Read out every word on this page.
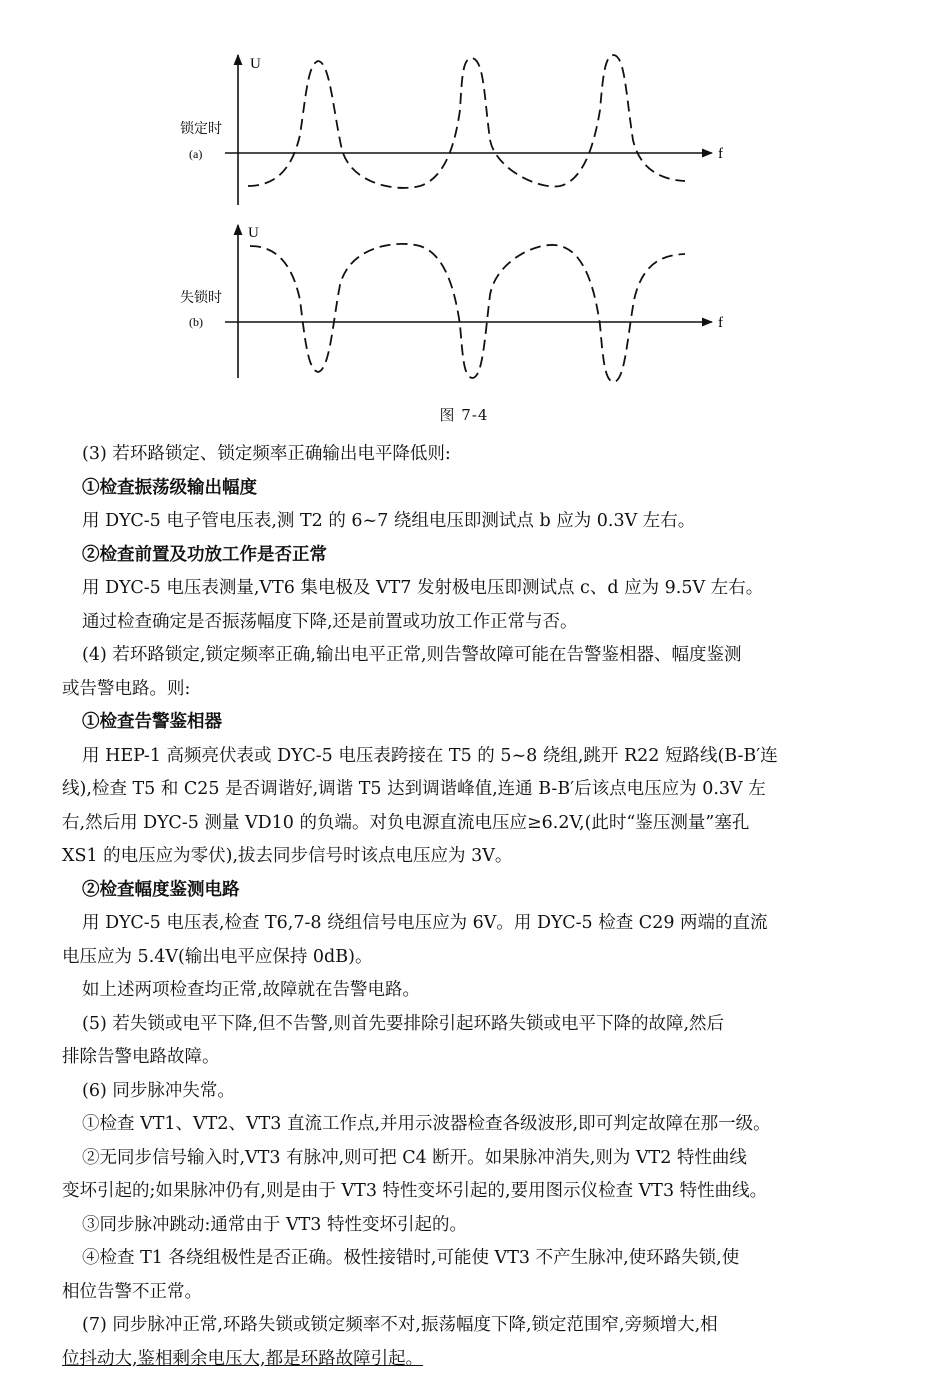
U
f
锁定时
(a)
U
f
失锁时
(b)
图 7-4

(3) 若环路锁定、锁定频率正确输出电平降低则:

①检查振荡级输出幅度

用 DYC-5 电子管电压表,测 T2 的 6~7 绕组电压即测试点 b 应为 0.3V 左右。

②检查前置及功放工作是否正常

用 DYC-5 电压表测量,VT6 集电极及 VT7 发射极电压即测试点 c、d 应为 9.5V 左右。

通过检查确定是否振荡幅度下降,还是前置或功放工作正常与否。

(4) 若环路锁定,锁定频率正确,输出电平正常,则告警故障可能在告警鉴相器、幅度鉴测

或告警电路。则:

①检查告警鉴相器

用 HEP-1 高频亮伏表或 DYC-5 电压表跨接在 T5 的 5~8 绕组,跳开 R22 短路线(B-B′连

线),检查 T5 和 C25 是否调谐好,调谐 T5 达到调谐峰值,连通 B-B′后该点电压应为 0.3V 左

右,然后用 DYC-5 测量 VD10 的负端。对负电源直流电压应≥6.2V,(此时“鉴压测量”塞孔

XS1 的电压应为零伏),拔去同步信号时该点电压应为 3V。

②检查幅度鉴测电路

用 DYC-5 电压表,检查 T6,7-8 绕组信号电压应为 6V。用 DYC-5 检查 C29 两端的直流

电压应为 5.4V(输出电平应保持 0dB)。

如上述两项检查均正常,故障就在告警电路。

(5) 若失锁或电平下降,但不告警,则首先要排除引起环路失锁或电平下降的故障,然后

排除告警电路故障。

(6) 同步脉冲失常。

①检查 VT1、VT2、VT3 直流工作点,并用示波器检查各级波形,即可判定故障在那一级。

②无同步信号输入时,VT3 有脉冲,则可把 C4 断开。如果脉冲消失,则为 VT2 特性曲线

变坏引起的;如果脉冲仍有,则是由于 VT3 特性变坏引起的,要用图示仪检查 VT3 特性曲线。

③同步脉冲跳动:通常由于 VT3 特性变坏引起的。

④检查 T1 各绕组极性是否正确。极性接错时,可能使 VT3 不产生脉冲,使环路失锁,使

相位告警不正常。

(7) 同步脉冲正常,环路失锁或锁定频率不对,振荡幅度下降,锁定范围窄,旁频增大,相

位抖动大,鉴相剩余电压大,都是环路故障引起。
